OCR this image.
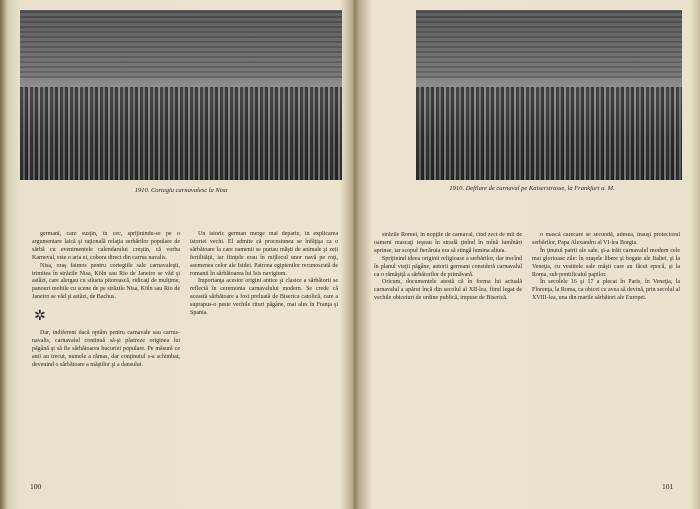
1910. Cortegiu carnavalesc la Nisa

germani, care susţin, în cec, sprijinindu-se pe o argumentare laică şi raţională relaţia serbărilor populare de sărbă cu evenimentele calendarului creştin, că vorba Karneval, este o aria ei, cobora direct din carrus navalis.

Nisa, oraş faimos pentru cortegiile sale carnavaleşti, trimitea în străzile Nisa, Köln sau Rio de Janeiro se văd şi astăzi, care alergau cu silueta pitorească, ridicaţi de mulţime, panouri mobile cu scene de pe străzile Nisa, Köln sau Rio de Janeiro se văd şi astăzi, de Bachus.

✲

Dar, indiferent dacă optăm pentru carnavale sau carrus-navalis, carnavalul continuă să-şi păstreze originea lui păgână şi să fie sărbătoarea bucuriei populare. Pe măsură ce anii au trecut, numele a rămas, dar conţinutul s-a schimbat, devenind o sărbătoare a măştilor şi a dansului.

Un istoric german merge mai departe, în explicarea istoriei vechi. El admite că procesiunea se înfăţişa ca o sărbătoare la care oamenii se purtau măşti de animale şi zeii fertilităţii, iar fiinţele erau în mijlocul unor navă pe roţi, asemenea celor ale Isidei. Patrona egiptenilor recunoscută de romanii în sărbătoarea lui Isis navigium.

Importanţa acestor origini antice şi clasice a sărbătorii se reflectă în ceremonia carnavalului modern. Se crede că această sărbătoare a fost preluată de Biserica catolică, care a suprapus-o peste vechile rituri păgâne, mai ales în Franţa şi Spania.

100
1910. Defilare de carnaval pe Kaiserstrasse, la Frankfurt a. M.

străzile Romei, în nopţile de carnaval, cînd zeci de mii de oameni mascaţi ieşeau în stradă ţinînd în mînă lumînări aprinse, iar scopul fiecăruia era să stingă lumina altuia.

Sprijinind ideea originii religioase a serbărilor, dar trecînd în planul vieţii păgâne, autorii germani consideră carnavalul ca o rămăşiţă a sărbătorilor de primăvară.

Oricum, documentele atestă că în forma lui actuală carnavalul a apărut încă din secolul al XII-lea, fiind legat de vechile obiceiuri de ordine publică, impuse de Biserică.

o mască carecare se secundă, adesea, însuşi protectorul serbărilor, Papa Alexandru al VI-lea Borgia.

În ţinutul patrii ale sale, şi-a trăit carnavalul modern cele mai glorioase zile: în oraşele libere şi bogate ale Italiei, şi la Veneţia, cu vestitele sale măşti care au făcut epocă, şi la Roma, sub pontificatul papilor.

În secolele 16 şi 17 a plecat în Paris, în Veneţia, la Florenţa, la Roma, ca obicei ce avea să devină, prin secolul al XVIII-lea, una din marile sărbători ale Europei.

101
